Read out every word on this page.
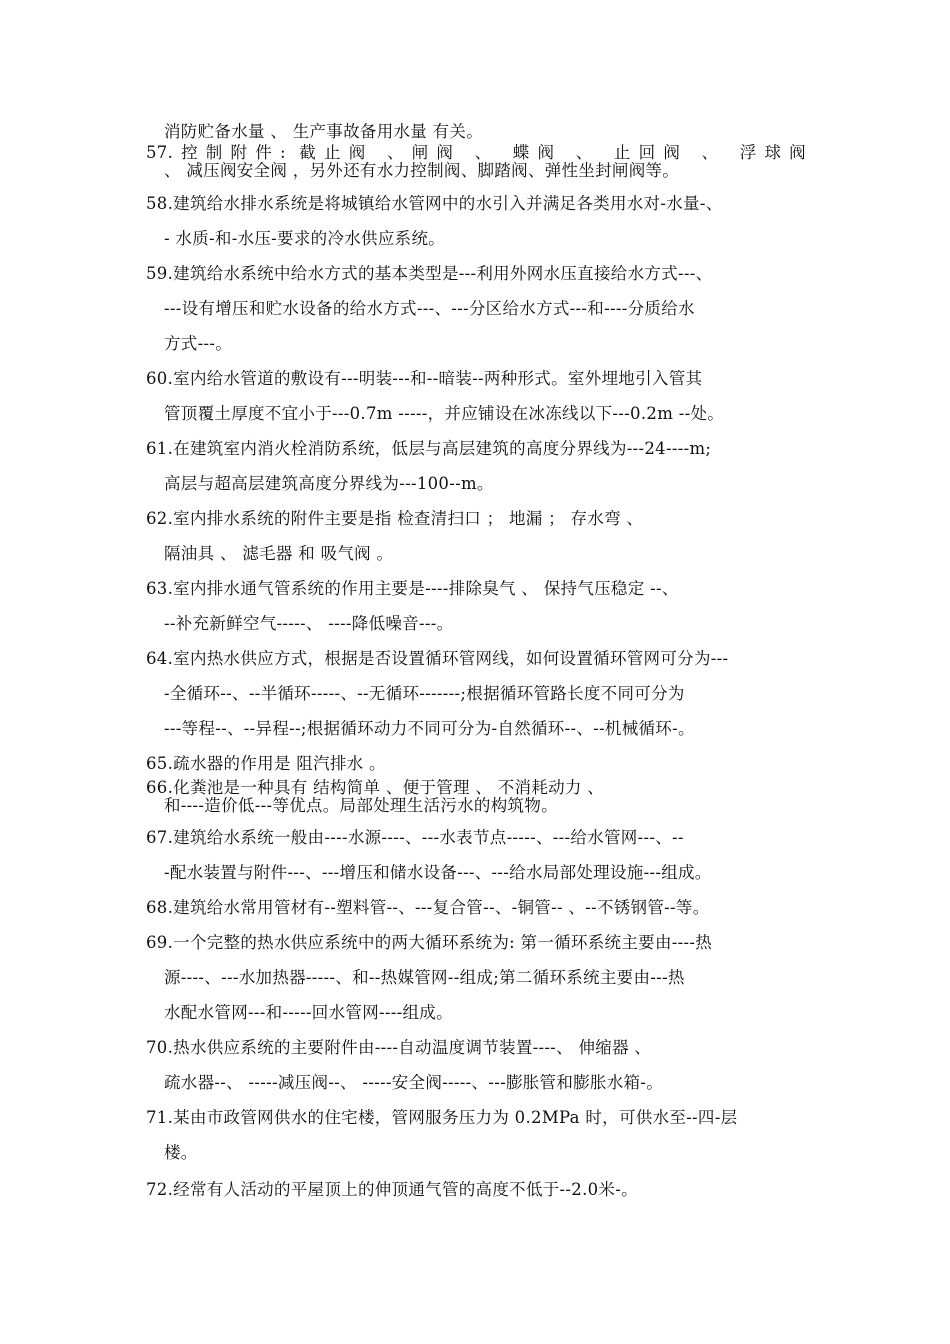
消防贮备水量 、 生产事故备用水量 有关。
57.控制附件: 截止阀 、闸阀 、 蝶阀 、 止回阀 、 浮球阀
、 减压阀安全阀 ，另外还有水力控制阀、脚踏阀、弹性坐封闸阀等。
58.建筑给水排水系统是将城镇给水管网中的水引入并满足各类用水对-水量-、
- 水质-和-水压-要求的冷水供应系统。
59.建筑给水系统中给水方式的基本类型是---利用外网水压直接给水方式---、
---设有增压和贮水设备的给水方式---、---分区给水方式---和----分质给水
方式---。
60.室内给水管道的敷设有---明装---和--暗装--两种形式。室外埋地引入管其
管顶覆土厚度不宜小于---0.7m -----，并应铺设在冰冻线以下---0.2m --处。
61.在建筑室内消火栓消防系统，低层与高层建筑的高度分界线为---24----m;
高层与超高层建筑高度分界线为---100--m。
62.室内排水系统的附件主要是指 检查清扫口 ； 地漏 ； 存水弯 、
隔油具 、 滤毛器 和 吸气阀 。
63.室内排水通气管系统的作用主要是----排除臭气 、 保持气压稳定 --、
--补充新鲜空气-----、 ----降低噪音---。
64.室内热水供应方式，根据是否设置循环管网线，如何设置循环管网可分为---
-全循环--、--半循环-----、--无循环-------;根据循环管路长度不同可分为
---等程--、--异程--;根据循环动力不同可分为-自然循环--、--机械循环-。
65.疏水器的作用是 阻汽排水 。
66.化粪池是一种具有 结构简单 、便于管理 、 不消耗动力 、
和----造价低---等优点。局部处理生活污水的构筑物。
67.建筑给水系统一般由----水源----、---水表节点-----、---给水管网---、--
-配水装置与附件---、---增压和储水设备---、---给水局部处理设施---组成。
68.建筑给水常用管材有--塑料管--、---复合管--、-铜管-- 、--不锈钢管--等。
69.一个完整的热水供应系统中的两大循环系统为: 第一循环系统主要由----热
源----、---水加热器-----、和--热媒管网--组成;第二循环系统主要由---热
水配水管网---和-----回水管网----组成。
70.热水供应系统的主要附件由----自动温度调节装置----、 伸缩器 、
疏水器--、 -----减压阀--、 -----安全阀-----、---膨胀管和膨胀水箱-。
71.某由市政管网供水的住宅楼，管网服务压力为 0.2MPa 时，可供水至--四-层
楼。
72.经常有人活动的平屋顶上的伸顶通气管的高度不低于--2.0米-。
